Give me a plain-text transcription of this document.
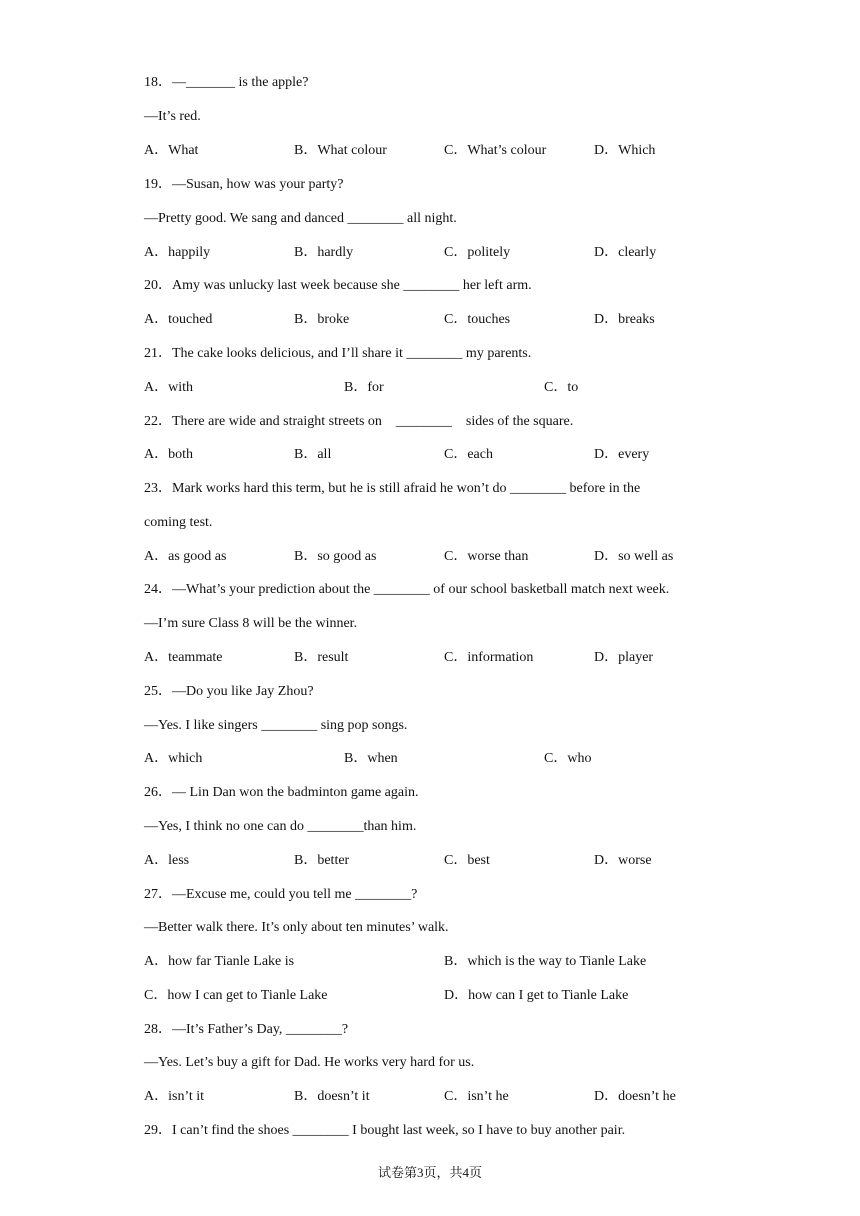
18．—_______ is the apple?
—It’s red.
A．What	B．What colour	C．What’s colour	D．Which
19．—Susan, how was your party?
—Pretty good. We sang and danced ________ all night.
A．happily	B．hardly	C．politely	D．clearly
20．Amy was unlucky last week because she ________ her left arm.
A．touched	B．broke	C．touches	D．breaks
21．The cake looks delicious, and I’ll share it ________ my parents.
A．with	B．for	C．to
22．There are wide and straight streets on    ________    sides of the square.
A．both	B．all	C．each	D．every
23．Mark works hard this term, but he is still afraid he won’t do ________ before in the
coming test.
A．as good as	B．so good as	C．worse than	D．so well as
24．—What’s your prediction about the ________ of our school basketball match next week.
—I’m sure Class 8 will be the winner.
A．teammate	B．result	C．information	D．player
25．—Do you like Jay Zhou?
—Yes. I like singers ________ sing pop songs.
A．which	B．when	C．who
26．— Lin Dan won the badminton game again.
—Yes, I think no one can do ________than him.
A．less	B．better	C．best	D．worse
27．—Excuse me, could you tell me ________?
—Better walk there. It’s only about ten minutes’ walk.
A．how far Tianle Lake is	B．which is the way to Tianle Lake
C．how I can get to Tianle Lake	D．how can I get to Tianle Lake
28．—It’s Father’s Day, ________?
—Yes. Let’s buy a gift for Dad. He works very hard for us.
A．isn’t it	B．doesn’t it	C．isn’t he	D．doesn’t he
29．I can’t find the shoes ________ I bought last week, so I have to buy another pair.
试卷第3页，共4页
